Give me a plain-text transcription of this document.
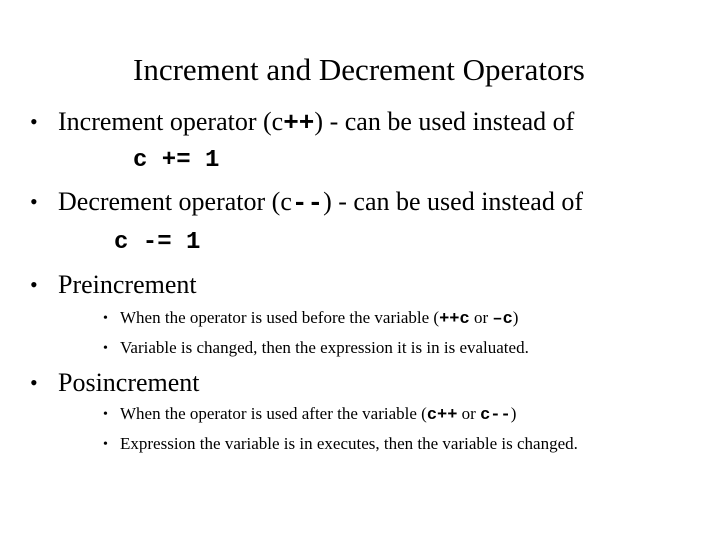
Increment and Decrement Operators
• Increment operator (c++) - can be used instead of
c += 1
• Decrement operator (c--) - can be used instead of
c -= 1
• Preincrement
• When the operator is used before the variable (++c or –c)
• Variable is changed, then the expression it is in is evaluated.
• Posincrement
• When the operator is used after the variable (c++ or c--)
• Expression the variable is in executes, then the variable is changed.
